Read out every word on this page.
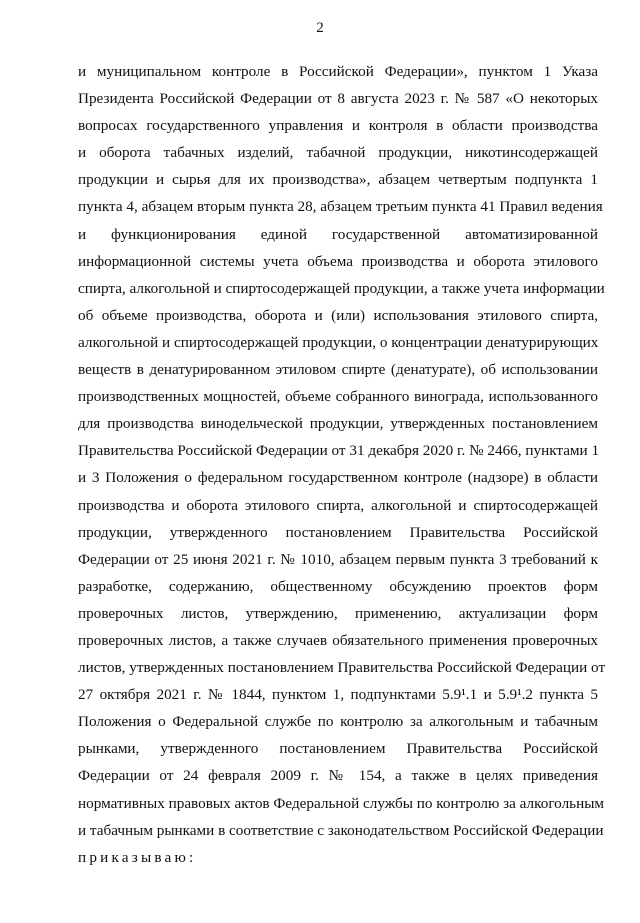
2
и муниципальном контроле в Российской Федерации», пунктом 1 Указа
Президента Российской Федерации от 8 августа 2023 г. № 587 «О некоторых
вопросах государственного управления и контроля в области производства
и оборота табачных изделий, табачной продукции, никотинсодержащей
продукции и сырья для их производства», абзацем четвертым подпункта 1
пункта 4, абзацем вторым пункта 28, абзацем третьим пункта 41 Правил ведения
и функционирования единой государственной автоматизированной
информационной системы учета объема производства и оборота этилового
спирта, алкогольной и спиртосодержащей продукции, а также учета информации
об объеме производства, оборота и (или) использования этилового спирта,
алкогольной и спиртосодержащей продукции, о концентрации денатурирующих
веществ в денатурированном этиловом спирте (денатурате), об использовании
производственных мощностей, объеме собранного винограда, использованного
для производства винодельческой продукции, утвержденных постановлением
Правительства Российской Федерации от 31 декабря 2020 г. № 2466, пунктами 1
и 3 Положения о федеральном государственном контроле (надзоре) в области
производства и оборота этилового спирта, алкогольной и спиртосодержащей
продукции, утвержденного постановлением Правительства Российской
Федерации от 25 июня 2021 г. № 1010, абзацем первым пункта 3 требований к
разработке, содержанию, общественному обсуждению проектов форм
проверочных листов, утверждению, применению, актуализации форм
проверочных листов, а также случаев обязательного применения проверочных
листов, утвержденных постановлением Правительства Российской Федерации от
27 октября 2021 г. № 1844, пунктом 1, подпунктами 5.9¹.1 и 5.9¹.2 пункта 5
Положения о Федеральной службе по контролю за алкогольным и табачным
рынками, утвержденного постановлением Правительства Российской
Федерации от 24 февраля 2009 г. № 154, а также в целях приведения
нормативных правовых актов Федеральной службы по контролю за алкогольным
и табачным рынками в соответствие с законодательством Российской Федерации
приказываю:
